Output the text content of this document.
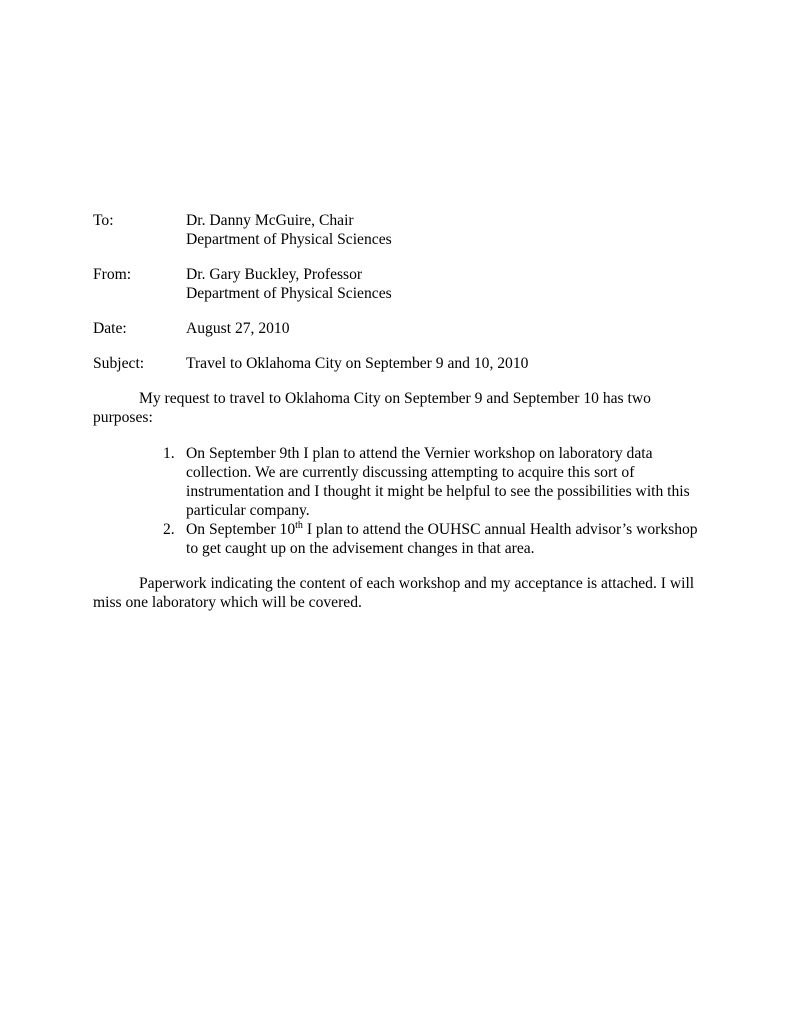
To:	Dr. Danny McGuire, Chair
Department of Physical Sciences
From:	Dr. Gary Buckley, Professor
Department of Physical Sciences
Date:	August 27, 2010
Subject:	Travel to Oklahoma City on September 9 and 10, 2010

My request to travel to Oklahoma City on September 9 and September 10 has two purposes:

1. On September 9th I plan to attend the Vernier workshop on laboratory data collection. We are currently discussing attempting to acquire this sort of instrumentation and I thought it might be helpful to see the possibilities with this particular company.
2. On September 10th I plan to attend the OUHSC annual Health advisor’s workshop to get caught up on the advisement changes in that area.

Paperwork indicating the content of each workshop and my acceptance is attached. I will miss one laboratory which will be covered.
